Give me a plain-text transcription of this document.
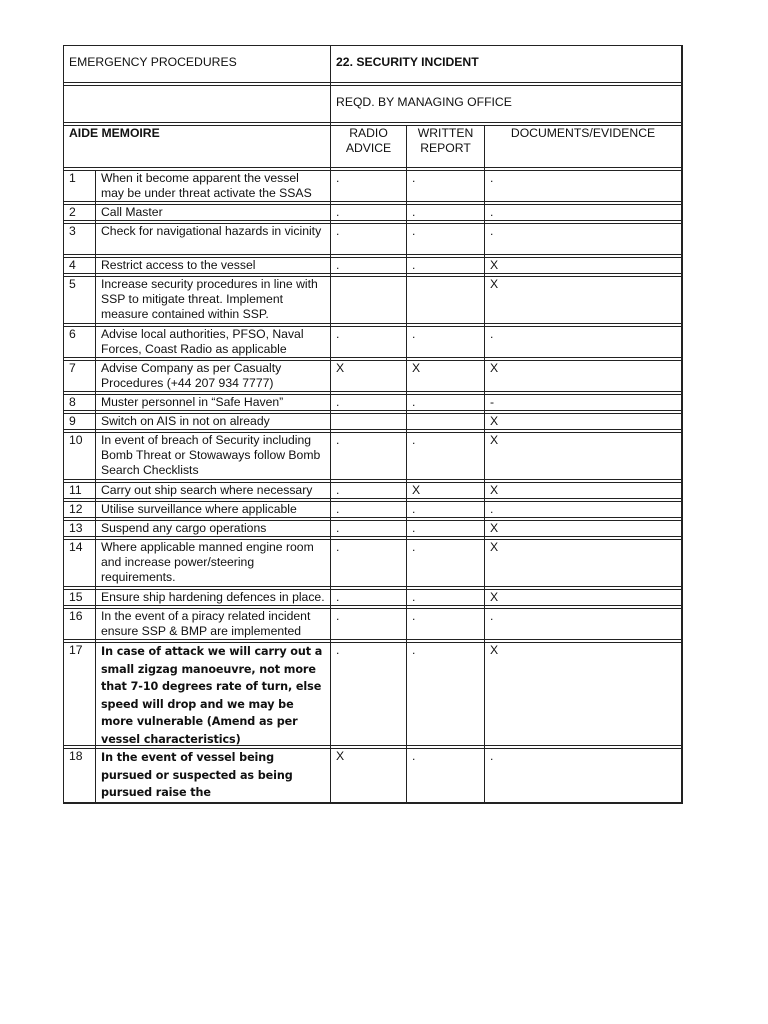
EMERGENCY PROCEDURES		22. SECURITY INCIDENT		
		REQD. BY MANAGING OFFICE		
AIDE MEMOIRE		RADIO ADVICE	WRITTEN REPORT	DOCUMENTS/EVIDENCE
1	When it become apparent the vessel may be under threat activate the SSAS	.	.	.
2	Call Master	.	.	.
3	Check for navigational hazards in vicinity	.	.	.
4	Restrict access to the vessel	.	.	X
5	Increase security procedures in line with SSP to mitigate threat. Implement measure contained within SSP.			X
6	Advise local authorities, PFSO, Naval Forces, Coast Radio as applicable	.	.	.
7	Advise Company as per Casualty Procedures (+44 207 934 7777)	X	X	X
8	Muster personnel in “Safe Haven”	.	.	-
9	Switch on AIS in not on already			X
10	In event of breach of Security including Bomb Threat or Stowaways follow Bomb Search Checklists	.	.	X
11	Carry out ship search where necessary	.	X	X
12	Utilise surveillance where applicable	.	.	.
13	Suspend any cargo operations	.	.	X
14	Where applicable manned engine room and increase power/steering requirements.	.	.	X
15	Ensure ship hardening defences in place.	.	.	X
16	In the event of a piracy related incident ensure SSP & BMP are implemented	.	.	.
17	In case of attack we will carry out a small zigzag manoeuvre, not more that 7-10 degrees rate of turn, else speed will drop and we may be more vulnerable (Amend as per vessel characteristics)	.	.	X
18	In the event of vessel being pursued or suspected as being pursued raise the	X	.	.
